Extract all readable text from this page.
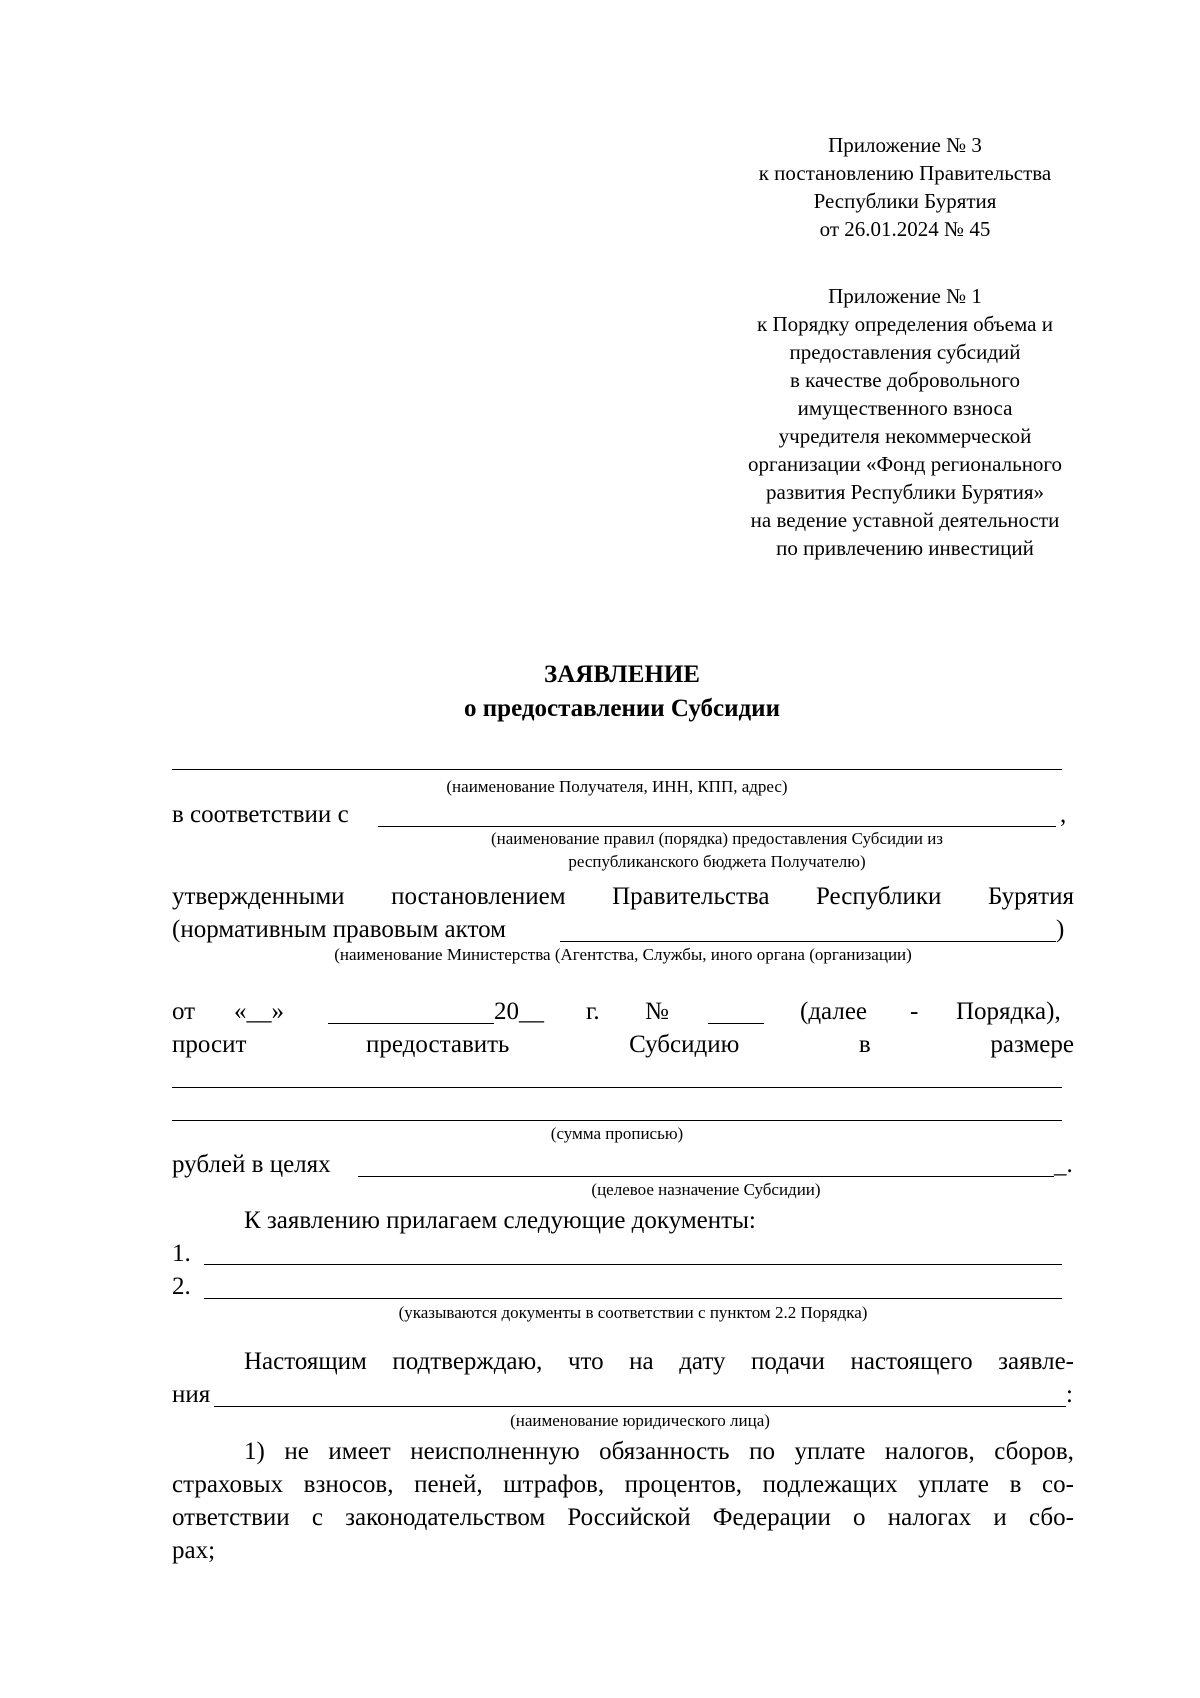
Приложение № 3
к постановлению Правительства
Республики Бурятия
от 26.01.2024 № 45
Приложение № 1
к Порядку определения объема и
предоставления субсидий
в качестве добровольного
имущественного взноса
учредителя некоммерческой
организации «Фонд регионального
развития Республики Бурятия»
на ведение уставной деятельности
по привлечению инвестиций
ЗАЯВЛЕНИЕ
о предоставлении Субсидии
(наименование Получателя, ИНН, КПП, адрес)
в соответствии с	,
(наименование правил (порядка) предоставления Субсидии из
республиканского бюджета Получателю)
утвержденными постановлением Правительства Республики Бурятия
(нормативным правовым актом	)
(наименование Министерства (Агентства, Службы, иного органа (организации)
от «__»	20__ г. №	(далее - Порядка),
просит	предоставить	Субсидию	в	размере
(сумма прописью)
рублей в целях	_.
(целевое назначение Субсидии)
К заявлению прилагаем следующие документы:
1.
2.
(указываются документы в соответствии с пунктом 2.2 Порядка)
Настоящим подтверждаю, что на дату подачи настоящего заявле-
ния	:
(наименование юридического лица)
1) не имеет неисполненную обязанность по уплате налогов, сборов,
страховых взносов, пеней, штрафов, процентов, подлежащих уплате в со-
ответствии с законодательством Российской Федерации о налогах и сбо-
рах;
